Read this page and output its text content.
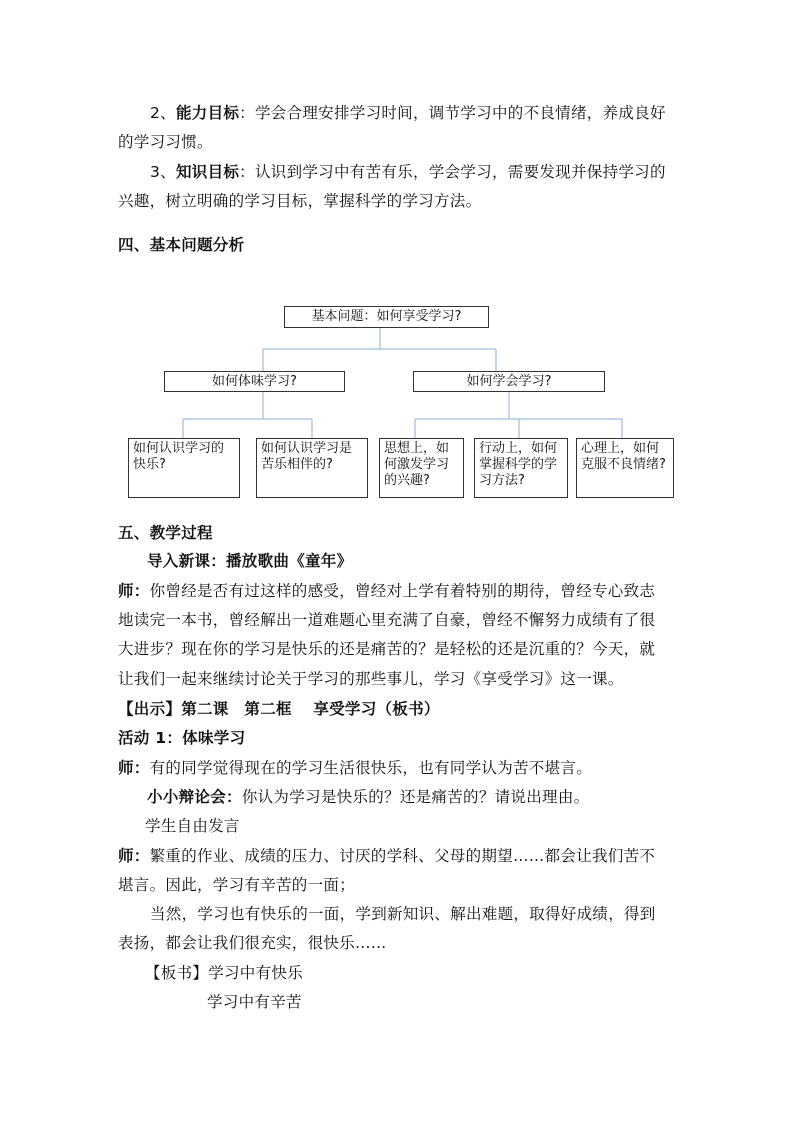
2、能力目标：学会合理安排学习时间，调节学习中的不良情绪，养成良好
的学习习惯。
3、知识目标：认识到学习中有苦有乐，学会学习，需要发现并保持学习的
兴趣，树立明确的学习目标，掌握科学的学习方法。
四、基本问题分析
基本问题：如何享受学习?
如何体味学习?	如何学会学习?
如何认识学习的
快乐?
如何认识学习是
苦乐相伴的?
思想上，如
何激发学习
的兴趣?
行动上，如何
掌握科学的学
习方法?
心理上，如何
克服不良情绪?
五、教学过程
导入新课：播放歌曲《童年》
师：你曾经是否有过这样的感受，曾经对上学有着特别的期待，曾经专心致志
地读完一本书，曾经解出一道难题心里充满了自豪，曾经不懈努力成绩有了很
大进步？现在你的学习是快乐的还是痛苦的？是轻松的还是沉重的？今天，就
让我们一起来继续讨论关于学习的那些事儿，学习《享受学习》这一课。
【出示】第二课　第二框　 享受学习（板书）
活动 1：体味学习
师：有的同学觉得现在的学习生活很快乐，也有同学认为苦不堪言。
小小辩论会：你认为学习是快乐的？还是痛苦的？请说出理由。
学生自由发言
师：繁重的作业、成绩的压力、讨厌的学科、父母的期望……都会让我们苦不
堪言。因此，学习有辛苦的一面；
当然，学习也有快乐的一面，学到新知识、解出难题，取得好成绩，得到
表扬，都会让我们很充实，很快乐……
【板书】学习中有快乐
学习中有辛苦
